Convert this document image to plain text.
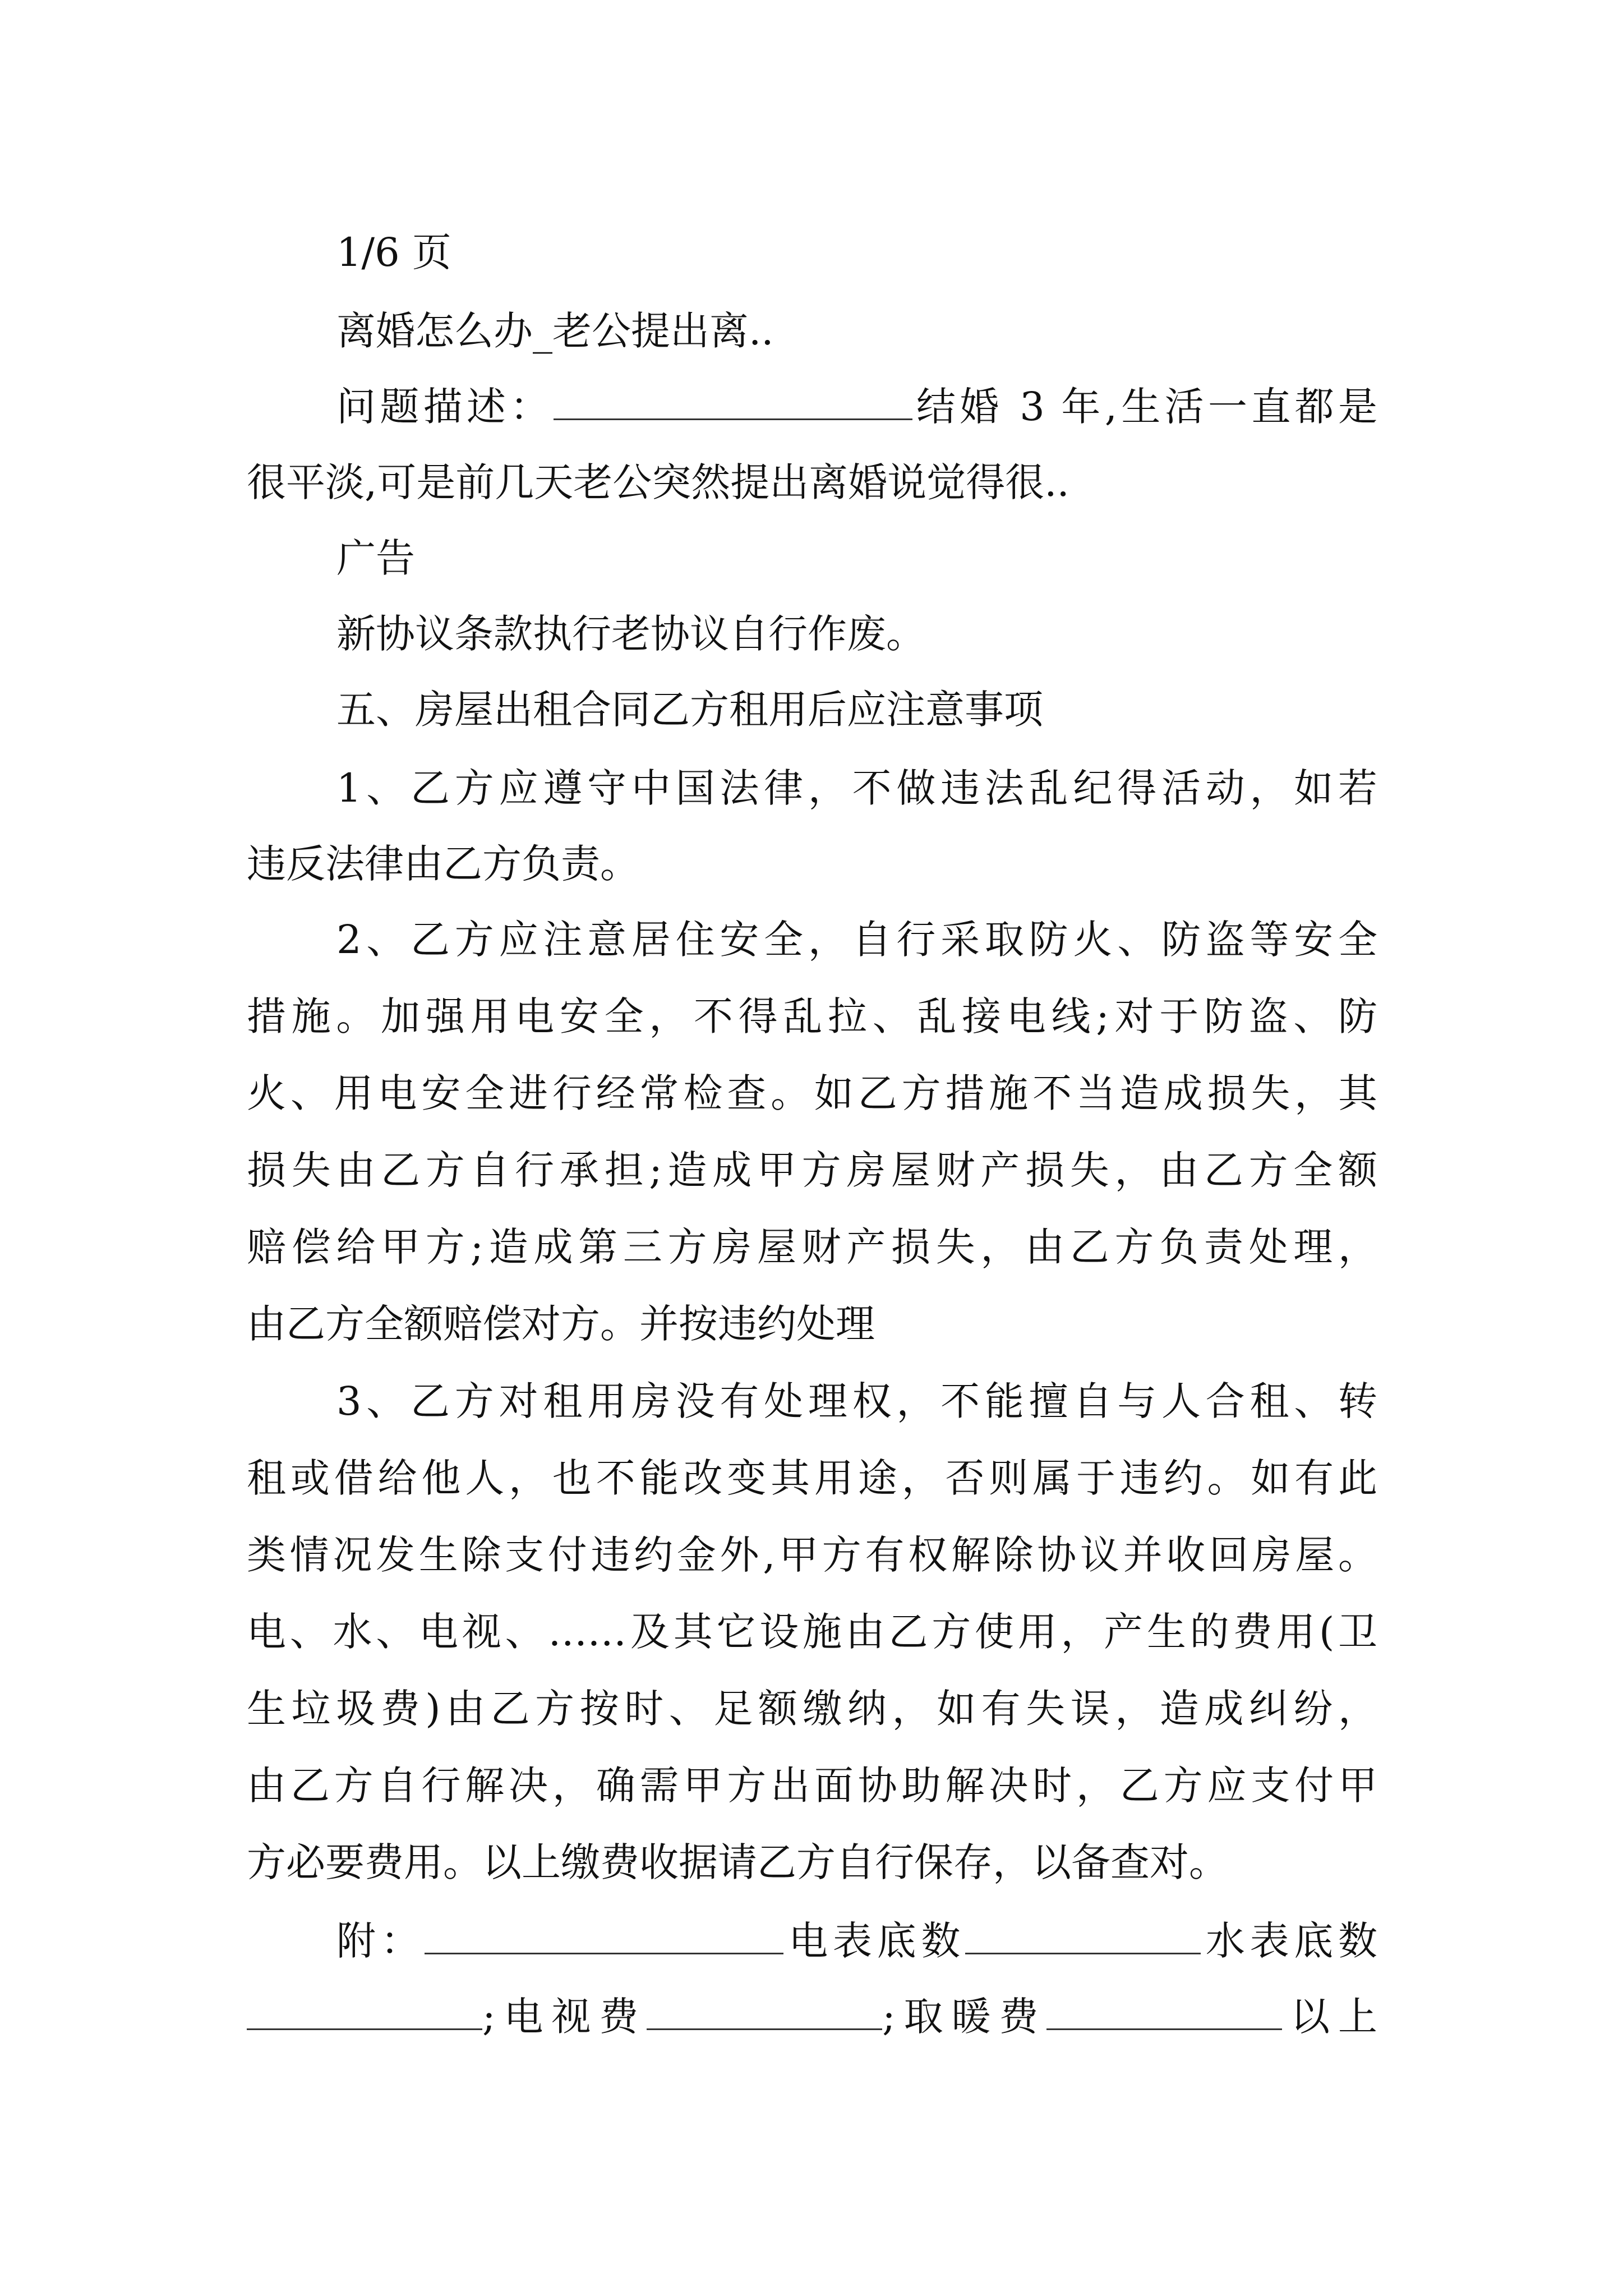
1/6 页
离婚怎么办_老公提出离..
问题描述：	结婚 3 年,生活一直都是
很平淡,可是前几天老公突然提出离婚说觉得很..
广告
新协议条款执行老协议自行作废。
五、房屋出租合同乙方租用后应注意事项
1、乙方应遵守中国法律，不做违法乱纪得活动，如若
违反法律由乙方负责。
2、乙方应注意居住安全，自行采取防火、防盗等安全
措施。加强用电安全，不得乱拉、乱接电线;对于防盗、防
火、用电安全进行经常检查。如乙方措施不当造成损失，其
损失由乙方自行承担;造成甲方房屋财产损失，由乙方全额
赔偿给甲方;造成第三方房屋财产损失，由乙方负责处理，
由乙方全额赔偿对方。并按违约处理
3、乙方对租用房没有处理权，不能擅自与人合租、转
租或借给他人，也不能改变其用途，否则属于违约。如有此
类情况发生除支付违约金外,甲方有权解除协议并收回房屋。
电、水、电视、……及其它设施由乙方使用，产生的费用(卫
生垃圾费)由乙方按时、足额缴纳，如有失误，造成纠纷，
由乙方自行解决，确需甲方出面协助解决时，乙方应支付甲
方必要费用。以上缴费收据请乙方自行保存，以备查对。
附：	电表底数	水表底数
;电视费	;取暖费	以上
